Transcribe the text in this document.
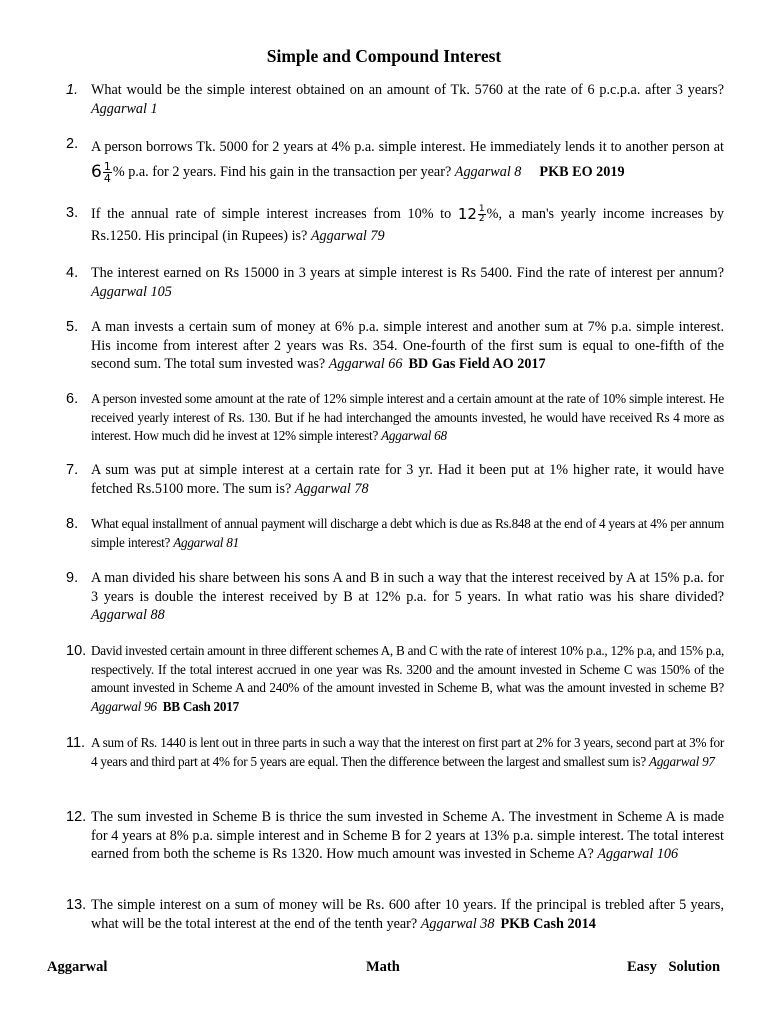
Simple and Compound Interest
1. What would be the simple interest obtained on an amount of Tk. 5760 at the rate of 6 p.c.p.a. after 3 years? Aggarwal 1
2. A person borrows Tk. 5000 for 2 years at 4% p.a. simple interest. He immediately lends it to another person at $6 \frac{1}{4}$ % p.a. for 2 years. Find his gain in the transaction per year? Aggarwal 8 PKB EO 2019
3. If the annual rate of simple interest increases from 10% to $12 \frac{1}{2}$ %, a man's yearly income increases by Rs.1250. His principal (in Rupees) is? Aggarwal 79
4. The interest earned on Rs 15000 in 3 years at simple interest is Rs 5400. Find the rate of interest per annum? Aggarwal 105
5. A man invests a certain sum of money at 6% p.a. simple interest and another sum at 7% p.a. simple interest. His income from interest after 2 years was Rs. 354. One-fourth of the first sum is equal to one-fifth of the second sum. The total sum invested was? Aggarwal 66 BD Gas Field AO 2017
6. A person invested some amount at the rate of 12% simple interest and a certain amount at the rate of 10% simple interest. He received yearly interest of Rs. 130. But if he had interchanged the amounts invested, he would have received Rs 4 more as interest. How much did he invest at 12% simple interest? Aggarwal 68
7. A sum was put at simple interest at a certain rate for 3 yr. Had it been put at 1% higher rate, it would have fetched Rs.5100 more. The sum is? Aggarwal 78
8. What equal installment of annual payment will discharge a debt which is due as Rs.848 at the end of 4 years at 4% per annum simple interest? Aggarwal 81
9. A man divided his share between his sons A and B in such a way that the interest received by A at 15% p.a. for 3 years is double the interest received by B at 12% p.a. for 5 years. In what ratio was his share divided? Aggarwal 88
10. David invested certain amount in three different schemes A, B and C with the rate of interest 10% p.a., 12% p.a, and 15% p.a, respectively. If the total interest accrued in one year was Rs. 3200 and the amount invested in Scheme C was 150% of the amount invested in Scheme A and 240% of the amount invested in Scheme B, what was the amount invested in scheme B? Aggarwal 96 BB Cash 2017
11. A sum of Rs. 1440 is lent out in three parts in such a way that the interest on first part at 2% for 3 years, second part at 3% for 4 years and third part at 4% for 5 years are equal. Then the difference between the largest and smallest sum is? Aggarwal 97
12. The sum invested in Scheme B is thrice the sum invested in Scheme A. The investment in Scheme A is made for 4 years at 8% p.a. simple interest and in Scheme B for 2 years at 13% p.a. simple interest. The total interest earned from both the scheme is Rs 1320. How much amount was invested in Scheme A? Aggarwal 106
13. The simple interest on a sum of money will be Rs. 600 after 10 years. If the principal is trebled after 5 years, what will be the total interest at the end of the tenth year? Aggarwal 38 PKB Cash 2014
Aggarwal	Math	Easy Solution
